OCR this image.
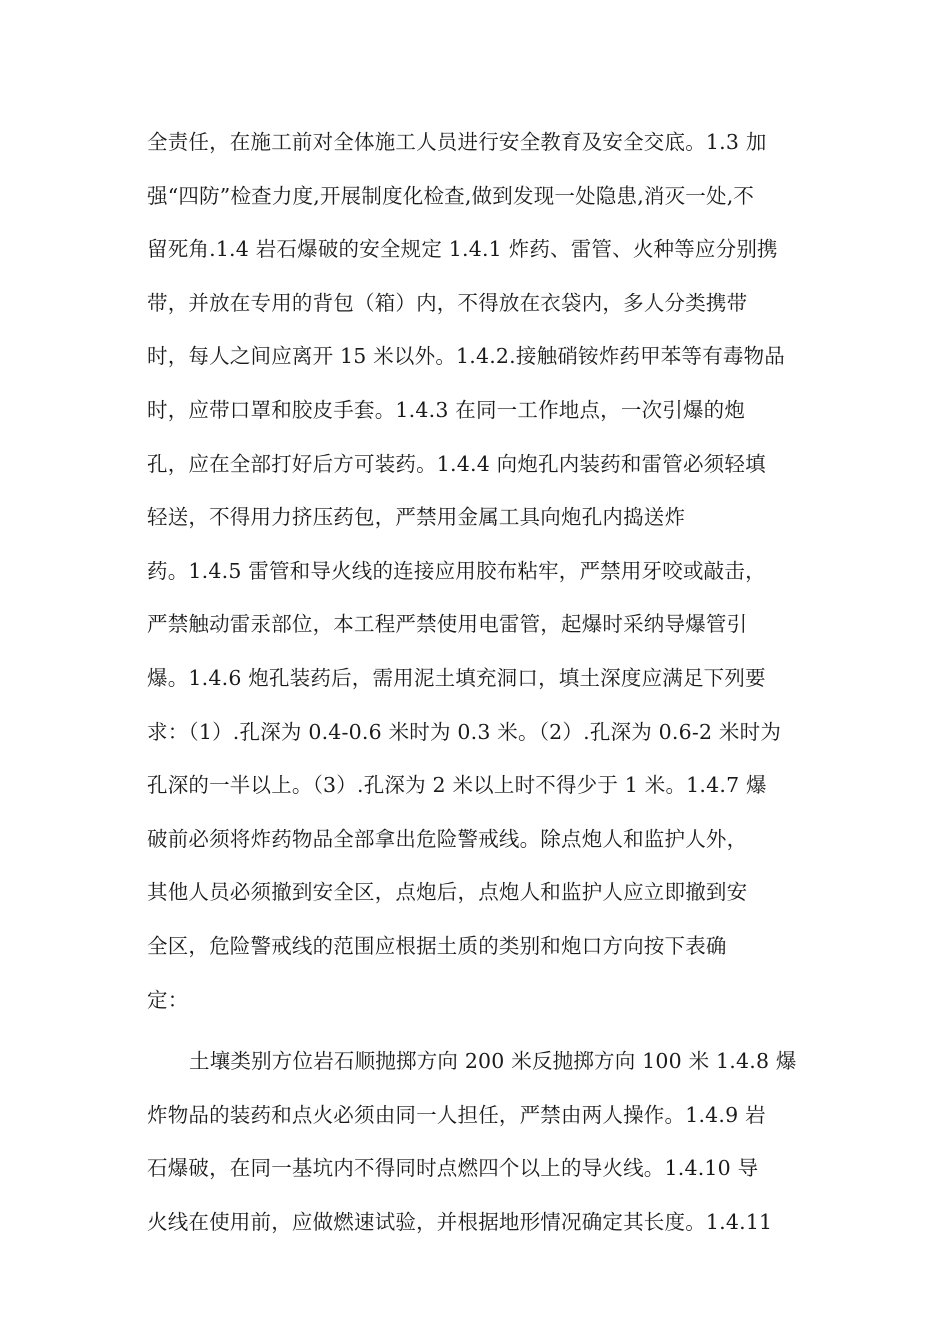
全责任，在施工前对全体施工人员进行安全教育及安全交底。1.3 加
强“四防”检查力度,开展制度化检查,做到发现一处隐患,消灭一处,不
留死角.1.4 岩石爆破的安全规定 1.4.1 炸药、雷管、火种等应分别携
带，并放在专用的背包（箱）内，不得放在衣袋内，多人分类携带
时，每人之间应离开 15 米以外。1.4.2.接触硝铵炸药甲苯等有毒物品
时，应带口罩和胶皮手套。1.4.3 在同一工作地点，一次引爆的炮
孔，应在全部打好后方可装药。1.4.4 向炮孔内装药和雷管必须轻填
轻送，不得用力挤压药包，严禁用金属工具向炮孔内捣送炸
药。1.4.5 雷管和导火线的连接应用胶布粘牢，严禁用牙咬或敲击，
严禁触动雷汞部位，本工程严禁使用电雷管，起爆时采纳导爆管引
爆。1.4.6 炮孔装药后，需用泥土填充洞口，填土深度应满足下列要
求：（1）.孔深为 0.4-0.6 米时为 0.3 米。（2）.孔深为 0.6-2 米时为
孔深的一半以上。（3）.孔深为 2 米以上时不得少于 1 米。1.4.7 爆
破前必须将炸药物品全部拿出危险警戒线。除点炮人和监护人外，
其他人员必须撤到安全区，点炮后，点炮人和监护人应立即撤到安
全区，危险警戒线的范围应根据土质的类别和炮口方向按下表确
定：
土壤类别方位岩石顺抛掷方向 200 米反抛掷方向 100 米 1.4.8 爆
炸物品的装药和点火必须由同一人担任，严禁由两人操作。1.4.9 岩
石爆破，在同一基坑内不得同时点燃四个以上的导火线。1.4.10 导
火线在使用前，应做燃速试验，并根据地形情况确定其长度。1.4.11
